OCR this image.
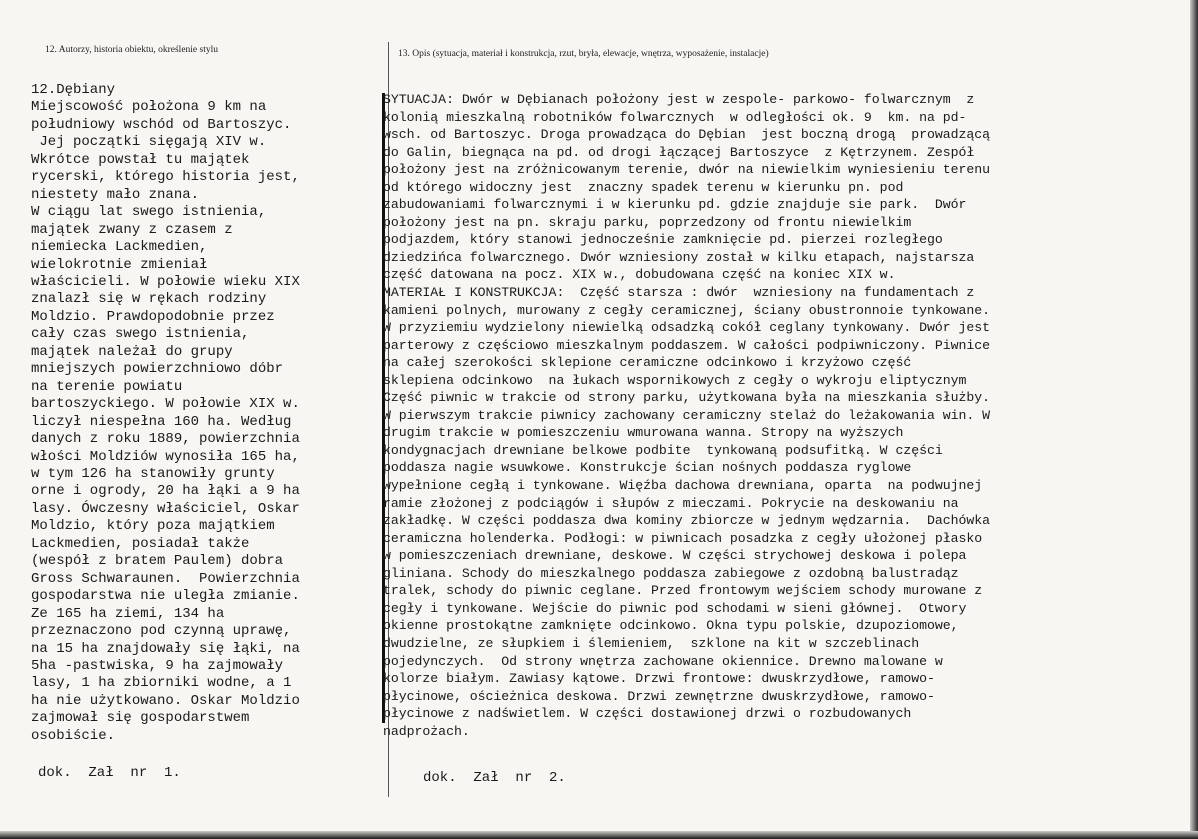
12. Autorzy, historia obiektu, określenie stylu	13. Opis (sytuacja, materiał i konstrukcja, rzut, bryła, elewacje, wnętrza, wyposażenie, instalacje)
12.Dębiany
Miejscowość położona 9 km na
południowy wschód od Bartoszyc.
Jej początki sięgają XIV w.
Wkrótce powstał tu majątek
rycerski, którego historia jest,
niestety mało znana.
W ciągu lat swego istnienia,
majątek zwany z czasem z
niemiecka Lackmedien,
wielokrotnie zmieniał
właścicieli. W połowie wieku XIX
znalazł się w rękach rodziny
Moldzio. Prawdopodobnie przez
cały czas swego istnienia,
majątek należał do grupy
mniejszych powierzchniowo dóbr
na terenie powiatu
bartoszyckiego. W połowie XIX w.
liczył niespełna 160 ha. Według
danych z roku 1889, powierzchnia
włości Moldziów wynosiła 165 ha,
w tym 126 ha stanowiły grunty
orne i ogrody, 20 ha łąki a 9 ha
lasy. Ówczesny właściciel, Oskar
Moldzio, który poza majątkiem
Lackmedien, posiadał także
(wespół z bratem Paulem) dobra
Gross Schwaraunen.  Powierzchnia
gospodarstwa nie uległa zmianie.
Ze 165 ha ziemi, 134 ha
przeznaczono pod czynną uprawę,
na 15 ha znajdowały się łąki, na
5ha -pastwiska, 9 ha zajmowały
lasy, 1 ha zbiorniki wodne, a 1
ha nie użytkowano. Oskar Moldzio
zajmował się gospodarstwem
osobiście.
SYTUACJA: Dwór w Dębianach położony jest w zespole- parkowo- folwarcznym  z
kolonią mieszkalną robotników folwarcznych  w odległości ok. 9  km. na pd-
wsch. od Bartoszyc. Droga prowadząca do Dębian  jest boczną drogą  prowadzącą
do Galin, biegnąca na pd. od drogi łączącej Bartoszyce  z Kętrzynem. Zespół
położony jest na zróżnicowanym terenie, dwór na niewielkim wyniesieniu terenu
od którego widoczny jest  znaczny spadek terenu w kierunku pn. pod
zabudowaniami folwarcznymi i w kierunku pd. gdzie znajduje sie park.  Dwór
położony jest na pn. skraju parku, poprzedzony od frontu niewielkim
podjazdem, który stanowi jednocześnie zamknięcie pd. pierzei rozległego
dziedzińca folwarcznego. Dwór wzniesiony został w kilku etapach, najstarsza
część datowana na pocz. XIX w., dobudowana część na koniec XIX w.
MATERIAŁ I KONSTRUKCJA:  Część starsza : dwór  wzniesiony na fundamentach z
kamieni polnych, murowany z cegły ceramicznej, ściany obustronnoie tynkowane.
W przyziemiu wydzielony niewielką odsadzką cokół ceglany tynkowany. Dwór jest
parterowy z częściowo mieszkalnym poddaszem. W całości podpiwniczony. Piwnice
na całej szerokości sklepione ceramiczne odcinkowo i krzyżowo część
sklepiena odcinkowo  na łukach wspornikowych z cegły o wykroju eliptycznym
Część piwnic w trakcie od strony parku, użytkowana była na mieszkania służby.
W pierwszym trakcie piwnicy zachowany ceramiczny stelaż do leżakowania win. W
drugim trakcie w pomieszczeniu wmurowana wanna. Stropy na wyższych
kondygnacjach drewniane belkowe podbite  tynkowaną podsufitką. W części
poddasza nagie wsuwkowe. Konstrukcje ścian nośnych poddasza ryglowe
wypełnione cegłą i tynkowane. Więźba dachowa drewniana, oparta  na podwujnej
ramie złożonej z podciągów i słupów z mieczami. Pokrycie na deskowaniu na
zakładkę. W części poddasza dwa kominy zbiorcze w jednym wędzarnia.  Dachówka
ceramiczna holenderka. Podłogi: w piwnicach posadzka z cegły ułożonej płasko
w pomieszczeniach drewniane, deskowe. W części strychowej deskowa i polepa
gliniana. Schody do mieszkalnego poddasza zabiegowe z ozdobną balustradąz
tralek, schody do piwnic ceglane. Przed frontowym wejściem schody murowane z
cegły i tynkowane. Wejście do piwnic pod schodami w sieni głównej.  Otwory
okienne prostokątne zamknięte odcinkowo. Okna typu polskie, dzupoziomowe,
dwudzielne, ze słupkiem i ślemieniem,  szklone na kit w szczeblinach
pojedynczych.  Od strony wnętrza zachowane okiennice. Drewno malowane w
kolorze białym. Zawiasy kątowe. Drzwi frontowe: dwuskrzydłowe, ramowo-
płycinowe, ościeżnica deskowa. Drzwi zewnętrzne dwuskrzydłowe, ramowo-
płycinowe z nadświetlem. W części dostawionej drzwi o rozbudowanych
nadprożach.
dok.  Zał  nr  1.	dok.  Zał  nr  2.
